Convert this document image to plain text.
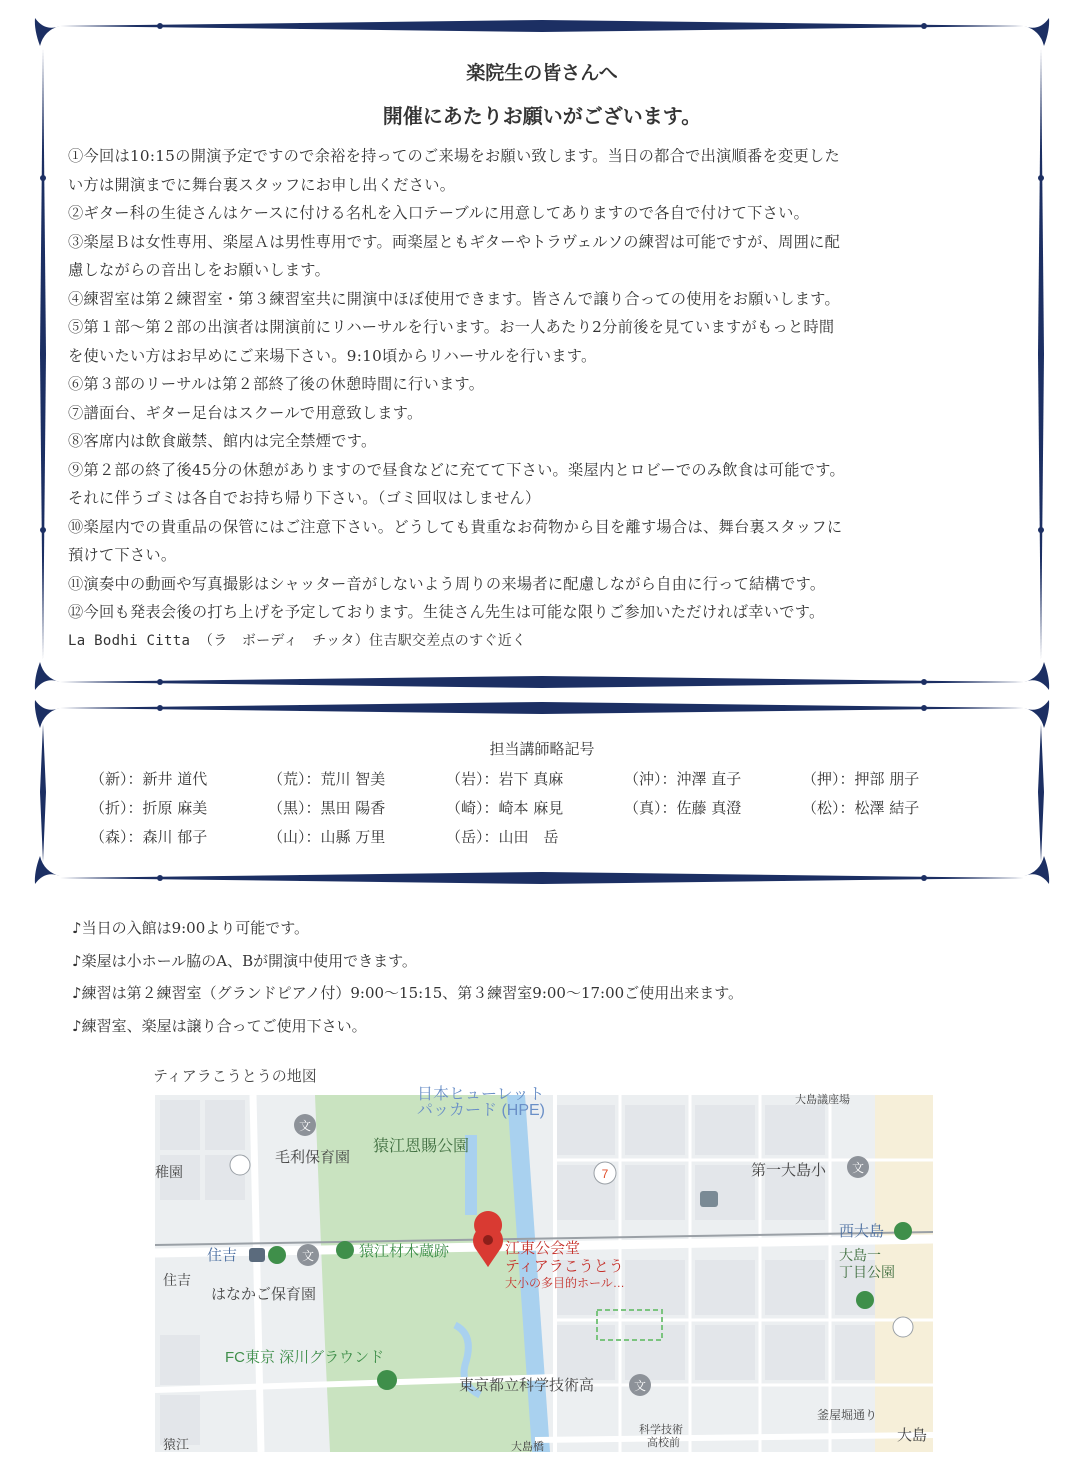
楽院生の皆さんへ
開催にあたりお願いがございます。
①今回は10:15の開演予定ですので余裕を持ってのご来場をお願い致します。当日の都合で出演順番を変更した
い方は開演までに舞台裏スタッフにお申し出ください。
②ギター科の生徒さんはケースに付ける名札を入口テーブルに用意してありますので各自で付けて下さい。
③楽屋Ｂは女性専用、楽屋Ａは男性専用です。両楽屋ともギターやトラヴェルソの練習は可能ですが、周囲に配
慮しながらの音出しをお願いします。
④練習室は第２練習室・第３練習室共に開演中ほぼ使用できます。皆さんで譲り合っての使用をお願いします。
⑤第１部〜第２部の出演者は開演前にリハーサルを行います。お一人あたり2分前後を見ていますがもっと時間
を使いたい方はお早めにご来場下さい。9:10頃からリハーサルを行います。
⑥第３部のリーサルは第２部終了後の休憩時間に行います。
⑦譜面台、ギター足台はスクールで用意致します。
⑧客席内は飲食厳禁、館内は完全禁煙です。
⑨第２部の終了後45分の休憩がありますので昼食などに充てて下さい。楽屋内とロビーでのみ飲食は可能です。
それに伴うゴミは各自でお持ち帰り下さい。（ゴミ回収はしません）
⑩楽屋内での貴重品の保管にはご注意下さい。どうしても貴重なお荷物から目を離す場合は、舞台裏スタッフに
預けて下さい。
⑪演奏中の動画や写真撮影はシャッター音がしないよう周りの来場者に配慮しながら自由に行って結構です。
⑫今回も発表会後の打ち上げを予定しております。生徒さん先生は可能な限りご参加いただければ幸いです。
La Bodhi Citta （ラ　ボーディ　チッタ）住吉駅交差点のすぐ近く
担当講師略記号
（新）：新井 道代	（荒）：荒川 智美	（岩）：岩下 真麻	（沖）：沖澤 直子	（押）：押部 朋子
（折）：折原 麻美	（黒）：黒田 陽香	（崎）：崎本 麻見	（真）：佐藤 真澄	（松）：松澤 結子
（森）：森川 郁子	（山）：山縣 万里	（岳）：山田　岳
♪当日の入館は9:00より可能です。
♪楽屋は小ホール脇のA、Bが開演中使用できます。
♪練習は第２練習室（グランドピアノ付）9:00〜15:15、第３練習室9:00〜17:00ご使用出来ます。
♪練習室、楽屋は譲り合ってご使用下さい。
ティアラこうとうの地図
文
文
文
文
7
日本ヒューレット
パッカード (HPE)
毛利保育園
猿江恩賜公園
第一大島小
西大島
大島一
丁目公園
住吉
住吉
猿江材木蔵跡	江東公会堂
ティアラこうとう
大小の多目的ホール…
はなかご保育園
FC東京 深川グラウンド
東京都立科学技術高
科学技術
高校前
釜屋堀通り
大島橋
大島
猿江
稚園
大島議座場
